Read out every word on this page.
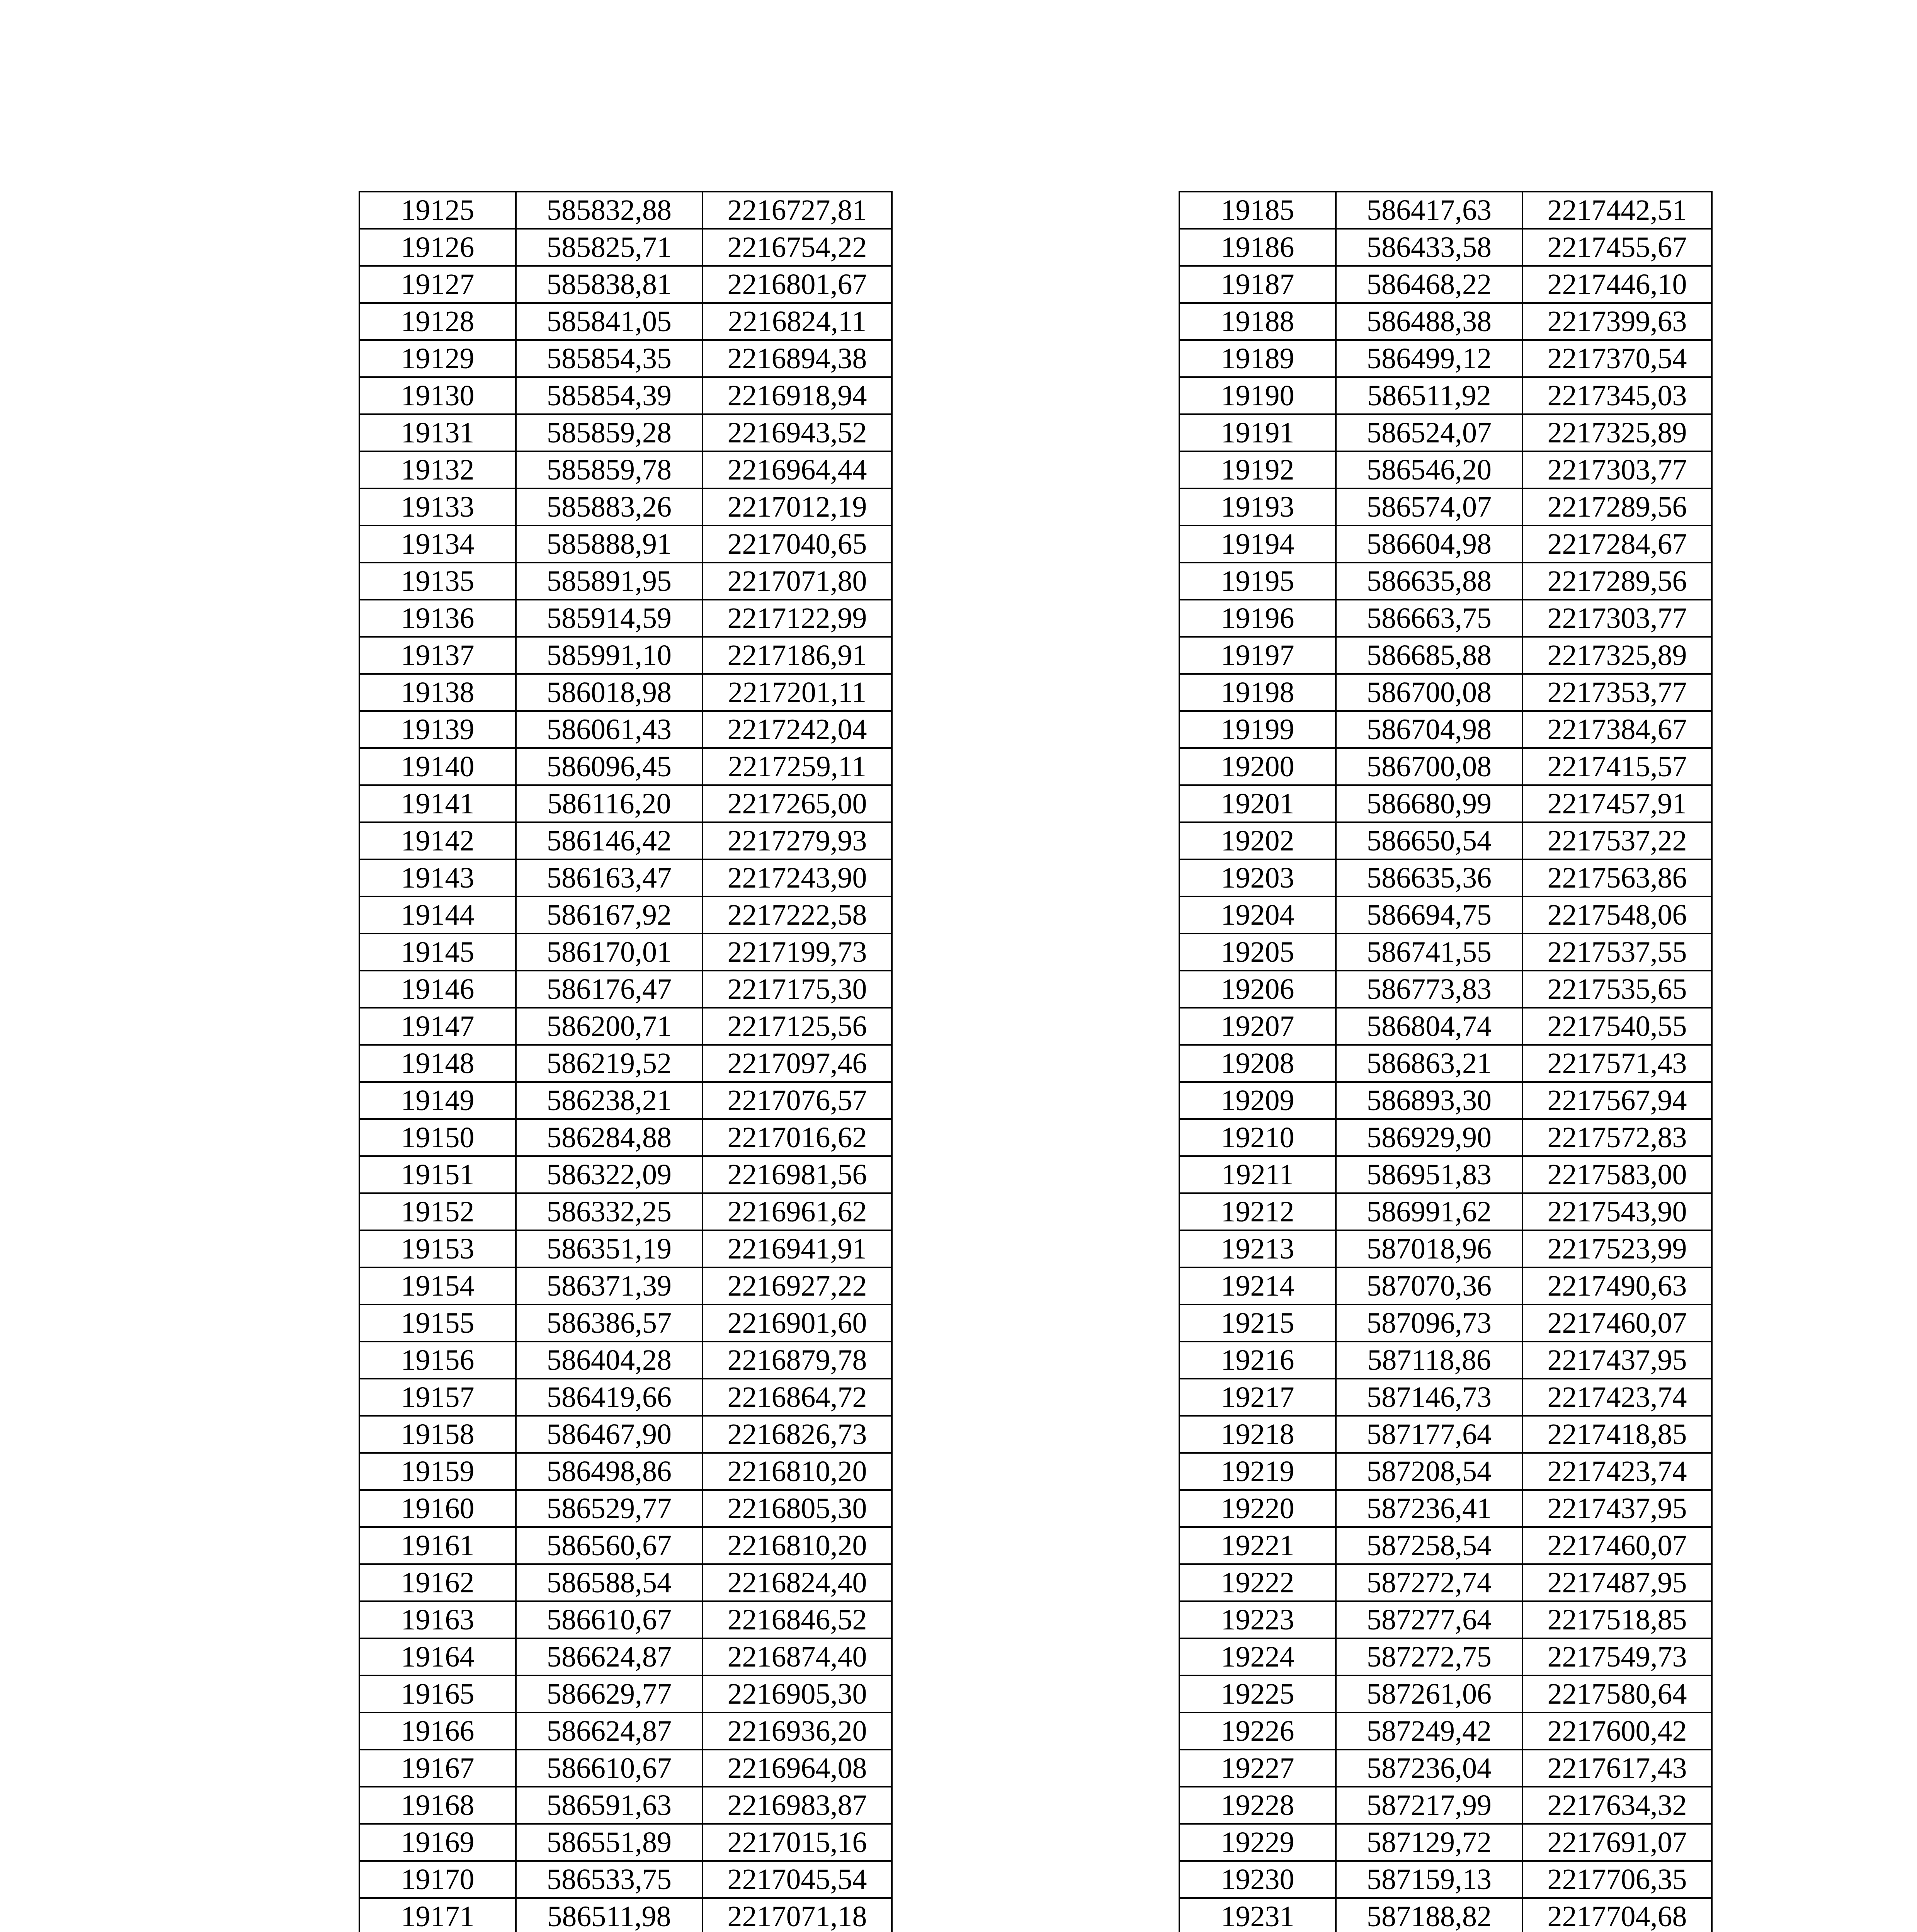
19125	585832,88	2216727,81
19126	585825,71	2216754,22
19127	585838,81	2216801,67
19128	585841,05	2216824,11
19129	585854,35	2216894,38
19130	585854,39	2216918,94
19131	585859,28	2216943,52
19132	585859,78	2216964,44
19133	585883,26	2217012,19
19134	585888,91	2217040,65
19135	585891,95	2217071,80
19136	585914,59	2217122,99
19137	585991,10	2217186,91
19138	586018,98	2217201,11
19139	586061,43	2217242,04
19140	586096,45	2217259,11
19141	586116,20	2217265,00
19142	586146,42	2217279,93
19143	586163,47	2217243,90
19144	586167,92	2217222,58
19145	586170,01	2217199,73
19146	586176,47	2217175,30
19147	586200,71	2217125,56
19148	586219,52	2217097,46
19149	586238,21	2217076,57
19150	586284,88	2217016,62
19151	586322,09	2216981,56
19152	586332,25	2216961,62
19153	586351,19	2216941,91
19154	586371,39	2216927,22
19155	586386,57	2216901,60
19156	586404,28	2216879,78
19157	586419,66	2216864,72
19158	586467,90	2216826,73
19159	586498,86	2216810,20
19160	586529,77	2216805,30
19161	586560,67	2216810,20
19162	586588,54	2216824,40
19163	586610,67	2216846,52
19164	586624,87	2216874,40
19165	586629,77	2216905,30
19166	586624,87	2216936,20
19167	586610,67	2216964,08
19168	586591,63	2216983,87
19169	586551,89	2217015,16
19170	586533,75	2217045,54
19171	586511,98	2217071,18

19185	586417,63	2217442,51
19186	586433,58	2217455,67
19187	586468,22	2217446,10
19188	586488,38	2217399,63
19189	586499,12	2217370,54
19190	586511,92	2217345,03
19191	586524,07	2217325,89
19192	586546,20	2217303,77
19193	586574,07	2217289,56
19194	586604,98	2217284,67
19195	586635,88	2217289,56
19196	586663,75	2217303,77
19197	586685,88	2217325,89
19198	586700,08	2217353,77
19199	586704,98	2217384,67
19200	586700,08	2217415,57
19201	586680,99	2217457,91
19202	586650,54	2217537,22
19203	586635,36	2217563,86
19204	586694,75	2217548,06
19205	586741,55	2217537,55
19206	586773,83	2217535,65
19207	586804,74	2217540,55
19208	586863,21	2217571,43
19209	586893,30	2217567,94
19210	586929,90	2217572,83
19211	586951,83	2217583,00
19212	586991,62	2217543,90
19213	587018,96	2217523,99
19214	587070,36	2217490,63
19215	587096,73	2217460,07
19216	587118,86	2217437,95
19217	587146,73	2217423,74
19218	587177,64	2217418,85
19219	587208,54	2217423,74
19220	587236,41	2217437,95
19221	587258,54	2217460,07
19222	587272,74	2217487,95
19223	587277,64	2217518,85
19224	587272,75	2217549,73
19225	587261,06	2217580,64
19226	587249,42	2217600,42
19227	587236,04	2217617,43
19228	587217,99	2217634,32
19229	587129,72	2217691,07
19230	587159,13	2217706,35
19231	587188,82	2217704,68
